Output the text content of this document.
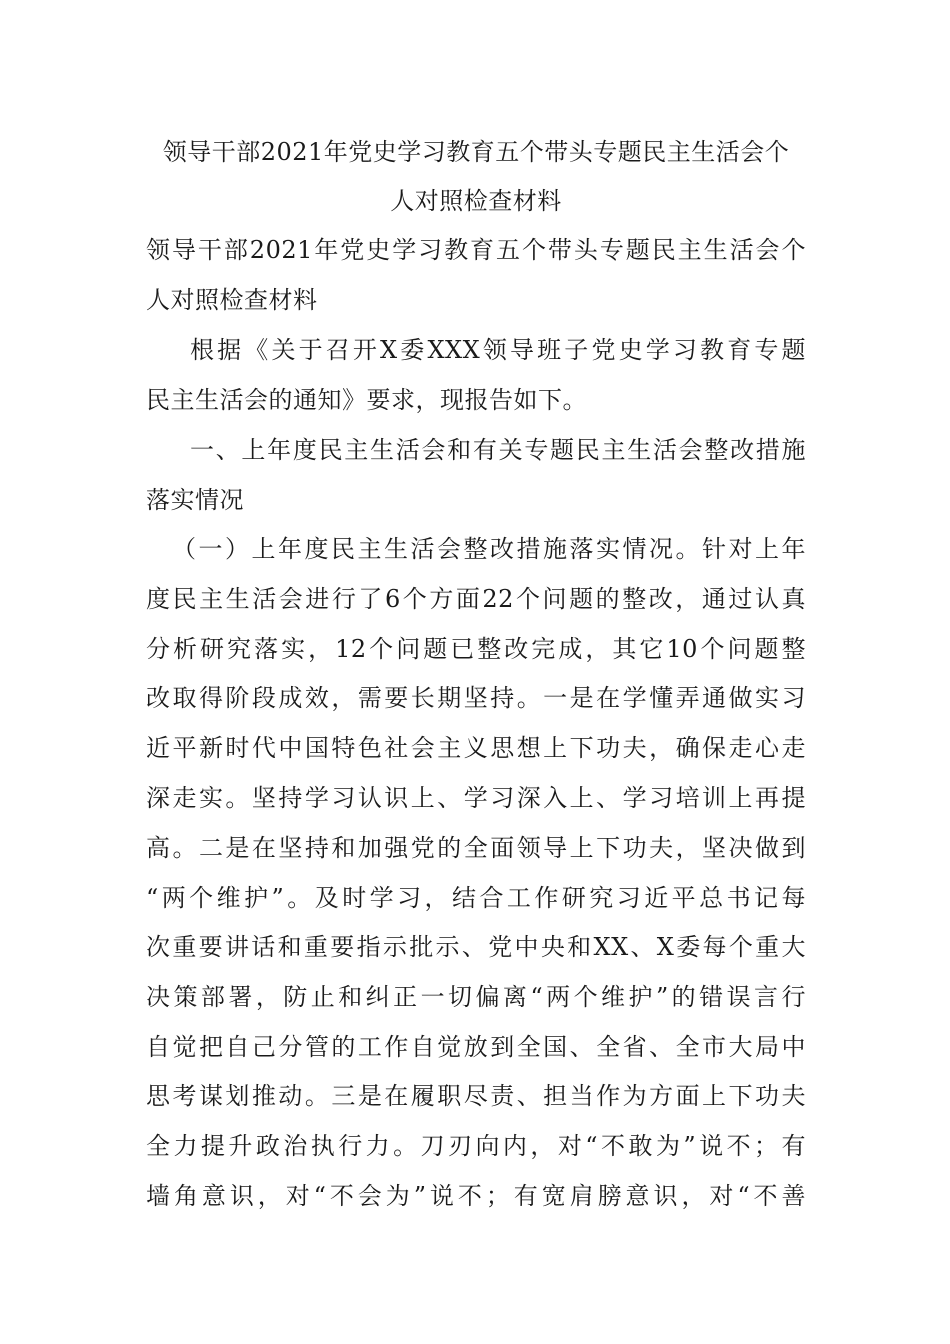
领导干部2021年党史学习教育五个带头专题民主生活会个
人对照检查材料
领导干部2021年党史学习教育五个带头专题民主生活会个
人对照检查材料
根据《关于召开X委XXX领导班子党史学习教育专题
民主生活会的通知》要求，现报告如下。
一、上年度民主生活会和有关专题民主生活会整改措施
落实情况
（一）上年度民主生活会整改措施落实情况。针对上年
度民主生活会进行了6个方面22个问题的整改，通过认真
分析研究落实，12个问题已整改完成，其它10个问题整
改取得阶段成效，需要长期坚持。一是在学懂弄通做实习
近平新时代中国特色社会主义思想上下功夫，确保走心走
深走实。坚持学习认识上、学习深入上、学习培训上再提
高。二是在坚持和加强党的全面领导上下功夫，坚决做到
“两个维护”。及时学习，结合工作研究习近平总书记每
次重要讲话和重要指示批示、党中央和XX、X委每个重大
决策部署，防止和纠正一切偏离“两个维护”的错误言行
自觉把自己分管的工作自觉放到全国、全省、全市大局中
思考谋划推动。三是在履职尽责、担当作为方面上下功夫
全力提升政治执行力。刀刃向内，对“不敢为”说不；有
墙角意识，对“不会为”说不；有宽肩膀意识，对“不善
